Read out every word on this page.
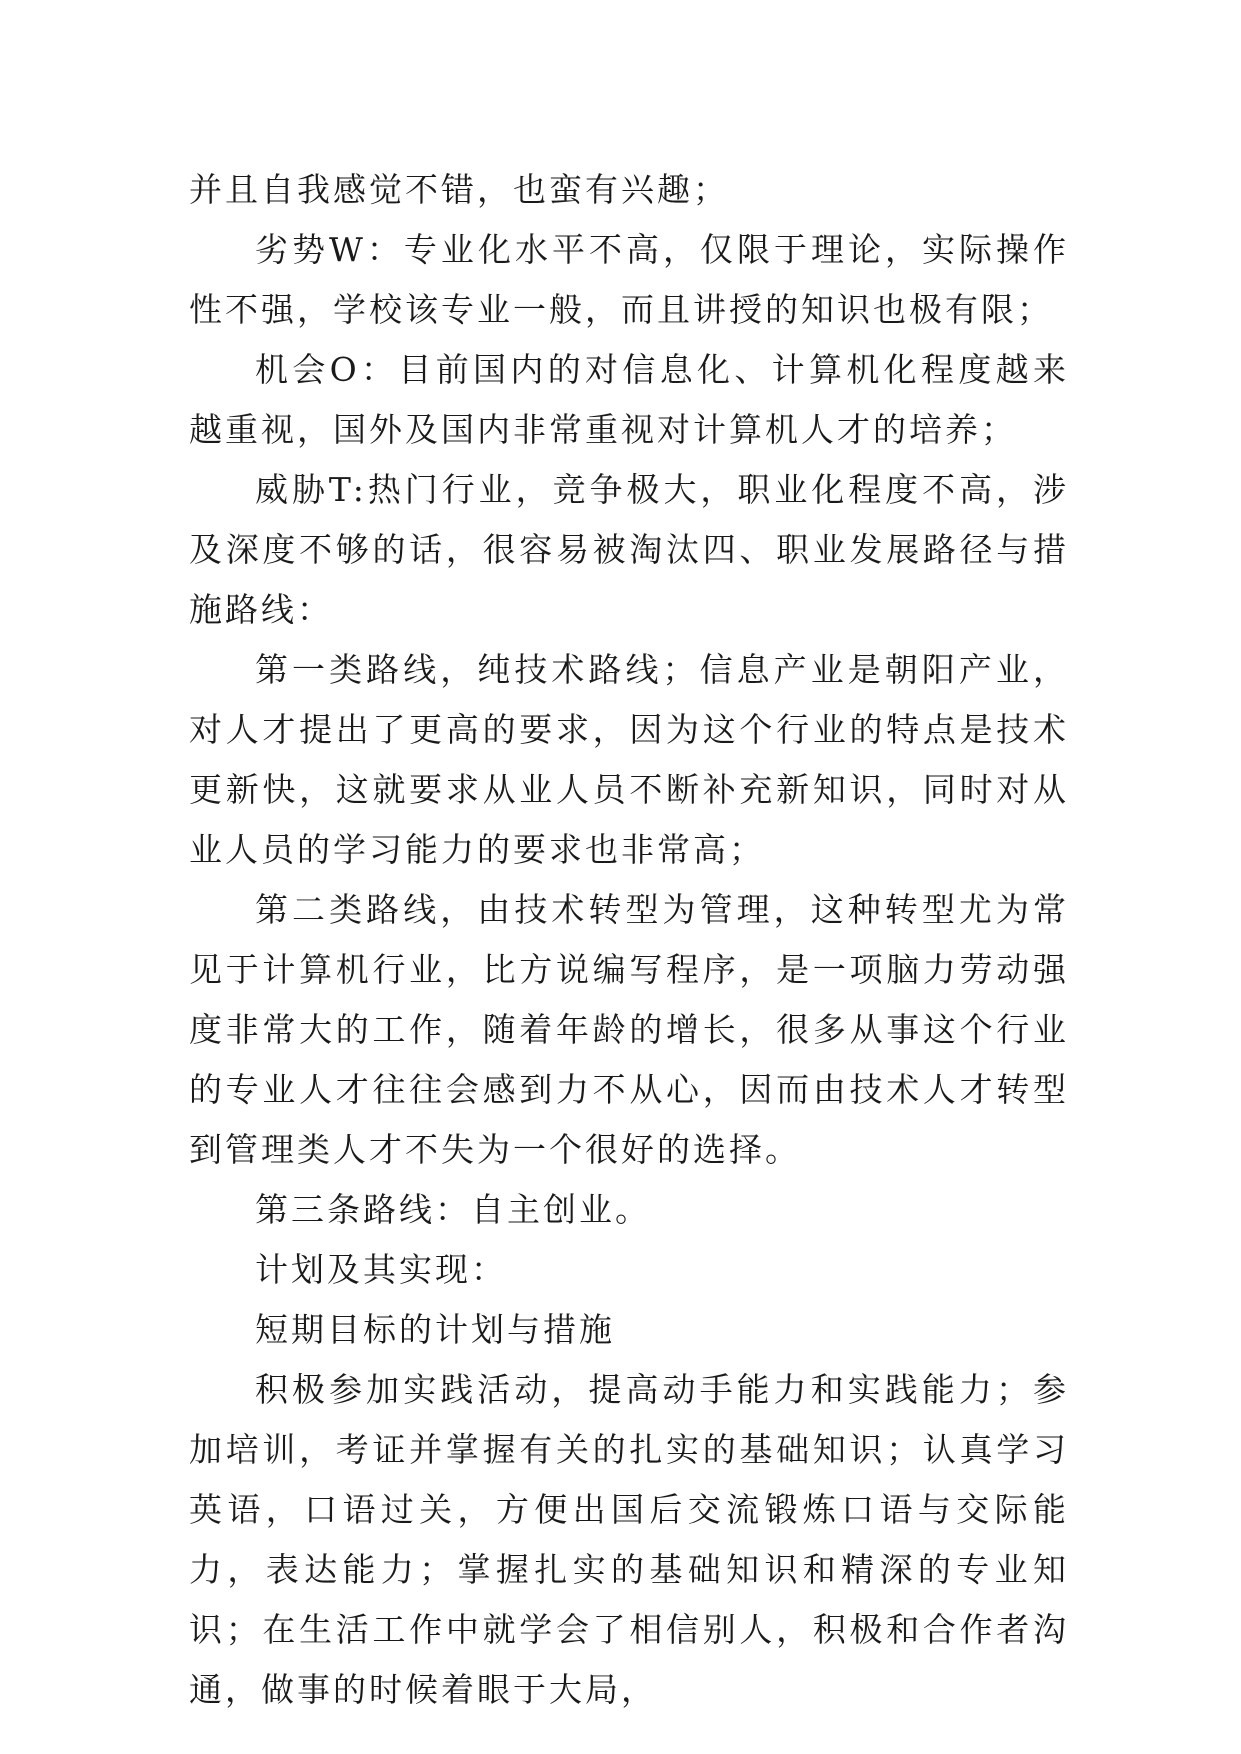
并且自我感觉不错，也蛮有兴趣；

劣势W：专业化水平不高，仅限于理论，实际操作性不强，学校该专业一般，而且讲授的知识也极有限；

机会O：目前国内的对信息化、计算机化程度越来越重视，国外及国内非常重视对计算机人才的培养；

威胁T:热门行业，竞争极大，职业化程度不高，涉及深度不够的话，很容易被淘汰四、职业发展路径与措施路线：

第一类路线，纯技术路线；信息产业是朝阳产业，对人才提出了更高的要求，因为这个行业的特点是技术更新快，这就要求从业人员不断补充新知识，同时对从业人员的学习能力的要求也非常高；

第二类路线，由技术转型为管理，这种转型尤为常见于计算机行业，比方说编写程序，是一项脑力劳动强度非常大的工作，随着年龄的增长，很多从事这个行业的专业人才往往会感到力不从心，因而由技术人才转型到管理类人才不失为一个很好的选择。

第三条路线：自主创业。

计划及其实现：

短期目标的计划与措施

积极参加实践活动，提高动手能力和实践能力；参加培训，考证并掌握有关的扎实的基础知识；认真学习英语，口语过关，方便出国后交流锻炼口语与交际能力，表达能力；掌握扎实的基础知识和精深的专业知识；在生活工作中就学会了相信别人，积极和合作者沟通，做事的时候着眼于大局，
